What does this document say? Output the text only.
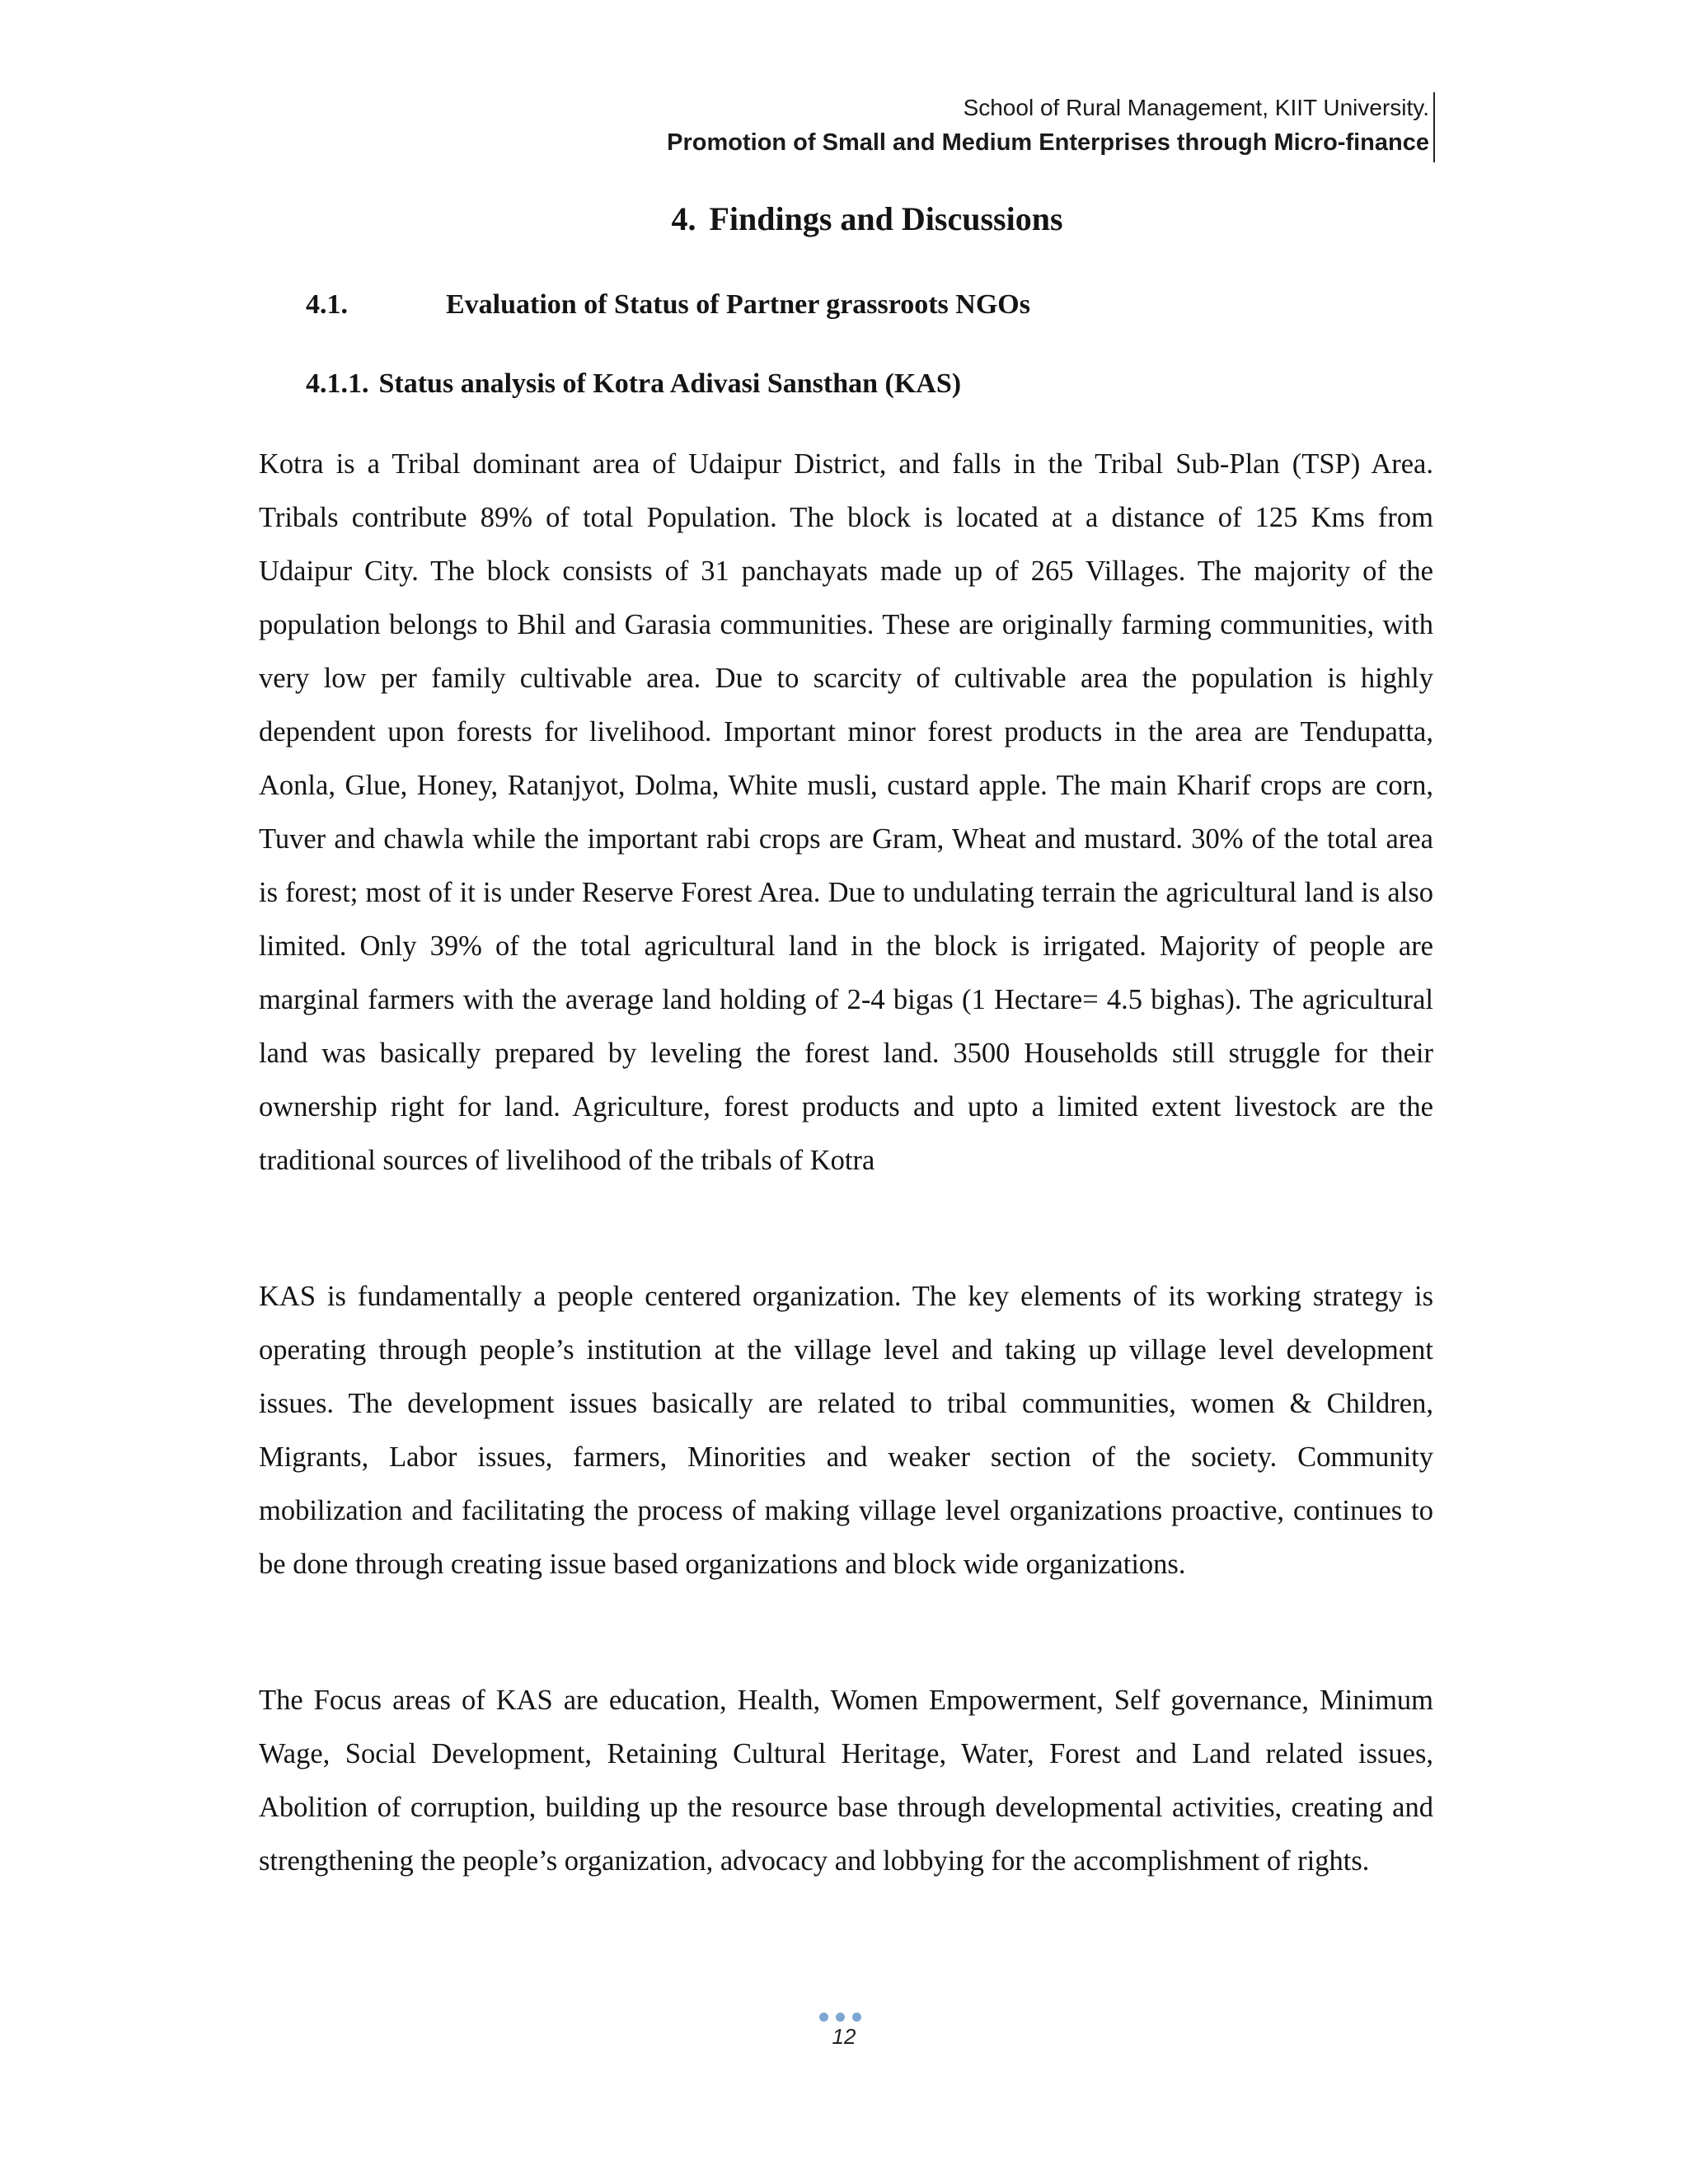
School of Rural Management, KIIT University.
Promotion of Small and Medium Enterprises through Micro-finance
4. Findings and Discussions
4.1.	Evaluation of Status of Partner grassroots NGOs
4.1.1. Status analysis of Kotra Adivasi Sansthan (KAS)

Kotra is a Tribal dominant area of Udaipur District, and falls in the Tribal Sub-Plan (TSP) Area. Tribals contribute 89% of total Population. The block is located at a distance of 125 Kms from Udaipur City. The block consists of 31 panchayats made up of 265 Villages. The majority of the population belongs to Bhil and Garasia communities. These are originally farming communities, with very low per family cultivable area. Due to scarcity of cultivable area the population is highly dependent upon forests for livelihood. Important minor forest products in the area are Tendupatta, Aonla, Glue, Honey, Ratanjyot, Dolma, White musli, custard apple. The main Kharif crops are corn, Tuver and chawla while the important rabi crops are Gram, Wheat and mustard. 30% of the total area is forest; most of it is under Reserve Forest Area. Due to undulating terrain the agricultural land is also limited. Only 39% of the total agricultural land in the block is irrigated. Majority of people are marginal farmers with the average land holding of 2-4 bigas (1 Hectare= 4.5 bighas). The agricultural land was basically prepared by leveling the forest land. 3500 Households still struggle for their ownership right for land. Agriculture, forest products and upto a limited extent livestock are the traditional sources of livelihood of the tribals of Kotra

KAS is fundamentally a people centered organization. The key elements of its working strategy is operating through people’s institution at the village level and taking up village level development issues. The development issues basically are related to tribal communities, women & Children, Migrants, Labor issues, farmers, Minorities and weaker section of the society. Community mobilization and facilitating the process of making village level organizations proactive, continues to be done through creating issue based organizations and block wide organizations.

The Focus areas of KAS are education, Health, Women Empowerment, Self governance, Minimum Wage, Social Development, Retaining Cultural Heritage, Water, Forest and Land related issues, Abolition of corruption, building up the resource base through developmental activities, creating and strengthening the people’s organization, advocacy and lobbying for the accomplishment of rights.

12
